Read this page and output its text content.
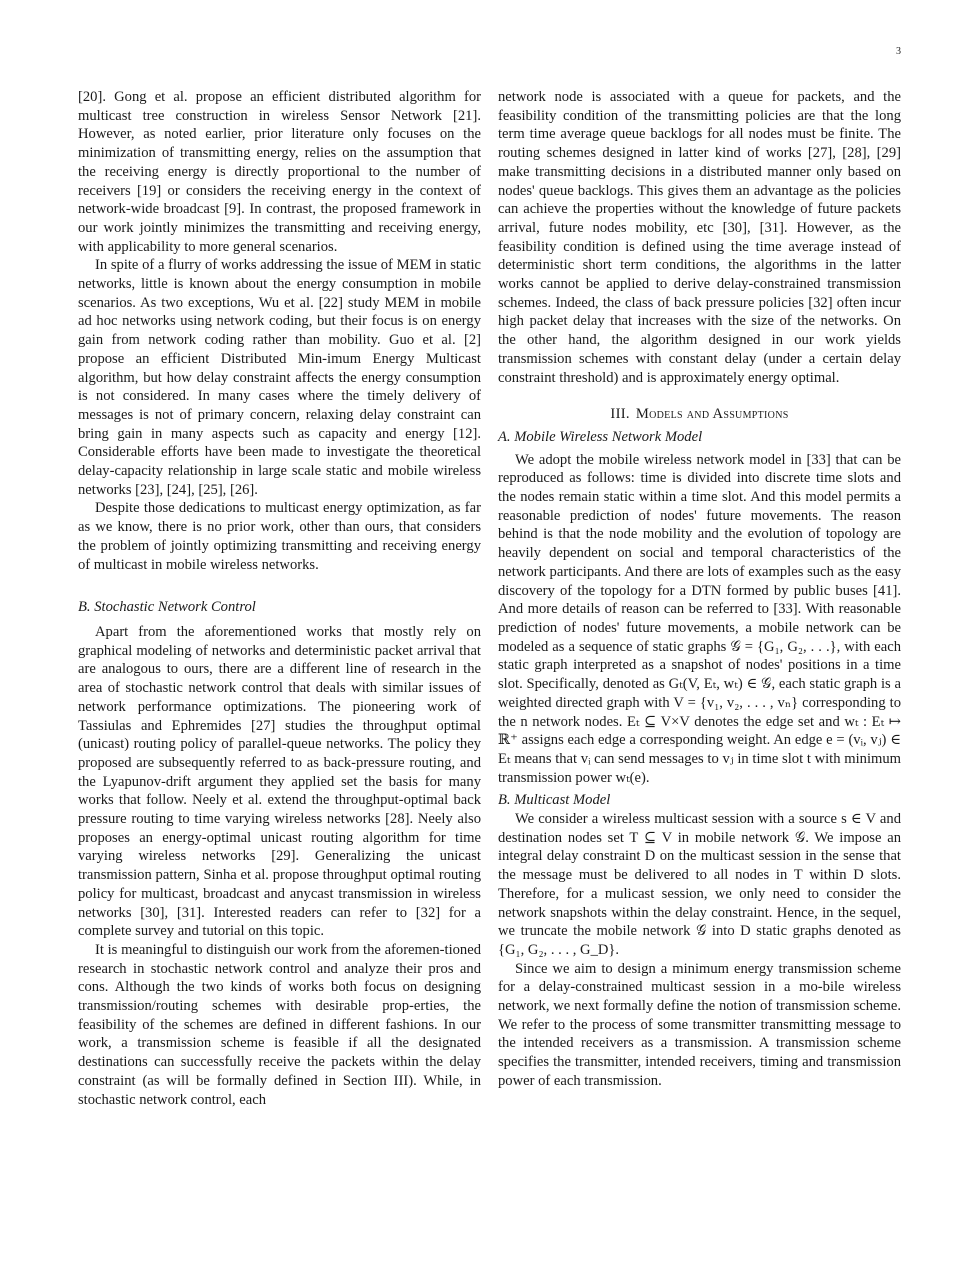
3

[20]. Gong et al. propose an efficient distributed algorithm for multicast tree construction in wireless Sensor Network [21]. However, as noted earlier, prior literature only focuses on the minimization of transmitting energy, relies on the assumption that the receiving energy is directly proportional to the number of receivers [19] or considers the receiving energy in the context of network-wide broadcast [9]. In contrast, the proposed framework in our work jointly minimizes the transmitting and receiving energy, with applicability to more general scenarios.

In spite of a flurry of works addressing the issue of MEM in static networks, little is known about the energy consumption in mobile scenarios. As two exceptions, Wu et al. [22] study MEM in mobile ad hoc networks using network coding, but their focus is on energy gain from network coding rather than mobility. Guo et al. [2] propose an efficient Distributed Min-imum Energy Multicast algorithm, but how delay constraint affects the energy consumption is not considered. In many cases where the timely delivery of messages is not of primary concern, relaxing delay constraint can bring gain in many aspects such as capacity and energy [12]. Considerable efforts have been made to investigate the theoretical delay-capacity relationship in large scale static and mobile wireless networks [23], [24], [25], [26].

Despite those dedications to multicast energy optimization, as far as we know, there is no prior work, other than ours, that considers the problem of jointly optimizing transmitting and receiving energy of multicast in mobile wireless networks.

B. Stochastic Network Control

Apart from the aforementioned works that mostly rely on graphical modeling of networks and deterministic packet arrival that are analogous to ours, there are a different line of research in the area of stochastic network control that deals with similar issues of network performance optimizations. The pioneering work of Tassiulas and Ephremides [27] studies the throughput optimal (unicast) routing policy of parallel-queue networks. The policy they proposed are subsequently referred to as back-pressure routing, and the Lyapunov-drift argument they applied set the basis for many works that follow. Neely et al. extend the throughput-optimal back pressure routing to time varying wireless networks [28]. Neely also proposes an energy-optimal unicast routing algorithm for time varying wireless networks [29]. Generalizing the unicast transmission pattern, Sinha et al. propose throughput optimal routing policy for multicast, broadcast and anycast transmission in wireless networks [30], [31]. Interested readers can refer to [32] for a complete survey and tutorial on this topic.

It is meaningful to distinguish our work from the aforemen-tioned research in stochastic network control and analyze their pros and cons. Although the two kinds of works both focus on designing transmission/routing schemes with desirable prop-erties, the feasibility of the schemes are defined in different fashions. In our work, a transmission scheme is feasible if all the designated destinations can successfully receive the packets within the delay constraint (as will be formally defined in Section III). While, in stochastic network control, each

network node is associated with a queue for packets, and the feasibility condition of the transmitting policies are that the long term time average queue backlogs for all nodes must be finite. The routing schemes designed in latter kind of works [27], [28], [29] make transmitting decisions in a distributed manner only based on nodes' queue backlogs. This gives them an advantage as the policies can achieve the properties without the knowledge of future packets arrival, future nodes mobility, etc [30], [31]. However, as the feasibility condition is defined using the time average instead of deterministic short term conditions, the algorithms in the latter works cannot be applied to derive delay-constrained transmission schemes. Indeed, the class of back pressure policies [32] often incur high packet delay that increases with the size of the networks. On the other hand, the algorithm designed in our work yields transmission schemes with constant delay (under a certain delay constraint threshold) and is approximately energy optimal.

III. Models and Assumptions
A. Mobile Wireless Network Model

We adopt the mobile wireless network model in [33] that can be reproduced as follows: time is divided into discrete time slots and the nodes remain static within a time slot. And this model permits a reasonable prediction of nodes' future movements. The reason behind is that the node mobility and the evolution of topology are heavily dependent on social and temporal characteristics of the network participants. And there are lots of examples such as the easy discovery of the topology for a DTN formed by public buses [41]. And more details of reason can be referred to [33]. With reasonable prediction of nodes' future movements, a mobile network can be modeled as a sequence of static graphs 𝒢 = {G₁, G₂, . . .}, with each static graph interpreted as a snapshot of nodes' positions in a time slot. Specifically, denoted as Gₜ(V, Eₜ, wₜ) ∈ 𝒢, each static graph is a weighted directed graph with V = {v₁, v₂, . . . , vₙ} corresponding to the n network nodes. Eₜ ⊆ V×V denotes the edge set and wₜ : Eₜ ↦ ℝ⁺ assigns each edge a corresponding weight. An edge e = (vᵢ, vⱼ) ∈ Eₜ means that vᵢ can send messages to vⱼ in time slot t with minimum transmission power wₜ(e).

B. Multicast Model

We consider a wireless multicast session with a source s ∈ V and destination nodes set T ⊆ V in mobile network 𝒢. We impose an integral delay constraint D on the multicast session in the sense that the message must be delivered to all nodes in T within D slots. Therefore, for a mulicast session, we only need to consider the network snapshots within the delay constraint. Hence, in the sequel, we truncate the mobile network 𝒢 into D static graphs denoted as {G₁, G₂, . . . , G_D}.

Since we aim to design a minimum energy transmission scheme for a delay-constrained multicast session in a mo-bile wireless network, we next formally define the notion of transmission scheme. We refer to the process of some transmitter transmitting message to the intended receivers as a transmission. A transmission scheme specifies the transmitter, intended receivers, timing and transmission power of each transmission.
